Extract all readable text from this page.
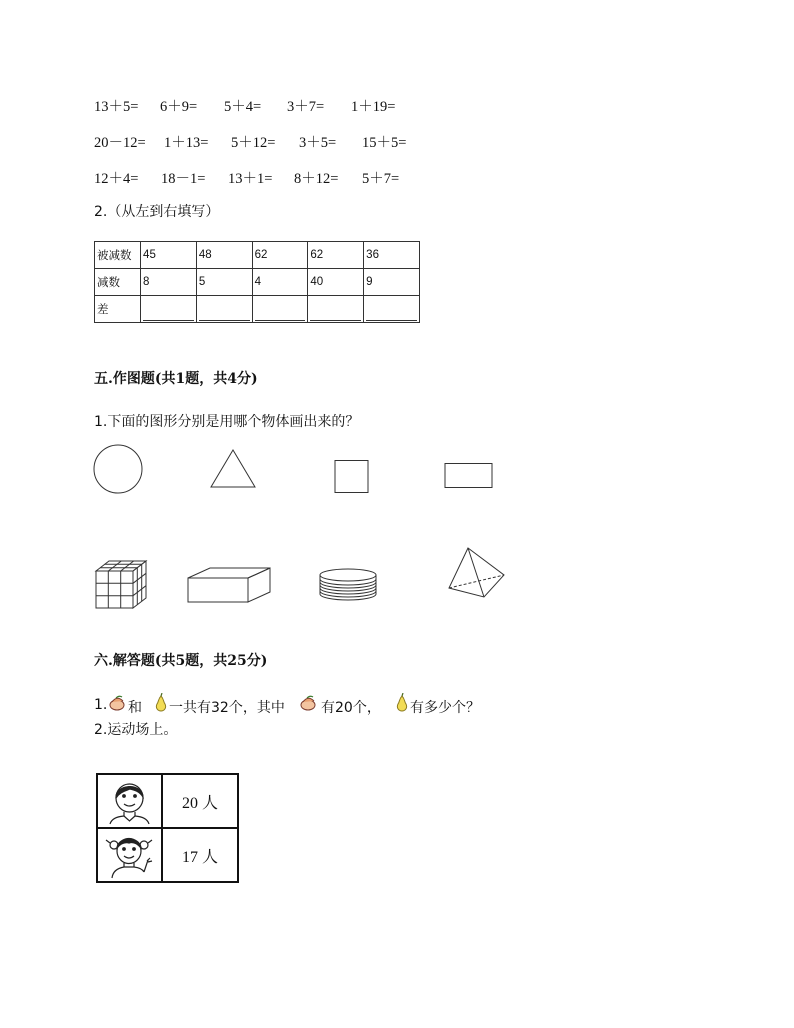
13＋5= 6＋9= 5＋4= 3＋7= 1＋19=
20－12= 1＋13= 5＋12= 3＋5= 15＋5=
12＋4= 18－1= 13＋1= 8＋12= 5＋7=
2.（从左到右填写）
被减数	45	48	62	62	36
减数	8	5	4	40	9
差	

五.作图题(共1题，共4分)
1.下面的图形分别是用哪个物体画出来的？
六.解答题(共5题，共25分)
1. 和 一共有32个，其中	有20个， 有多少个？
2.运动场上。
	20 人

	17 人
